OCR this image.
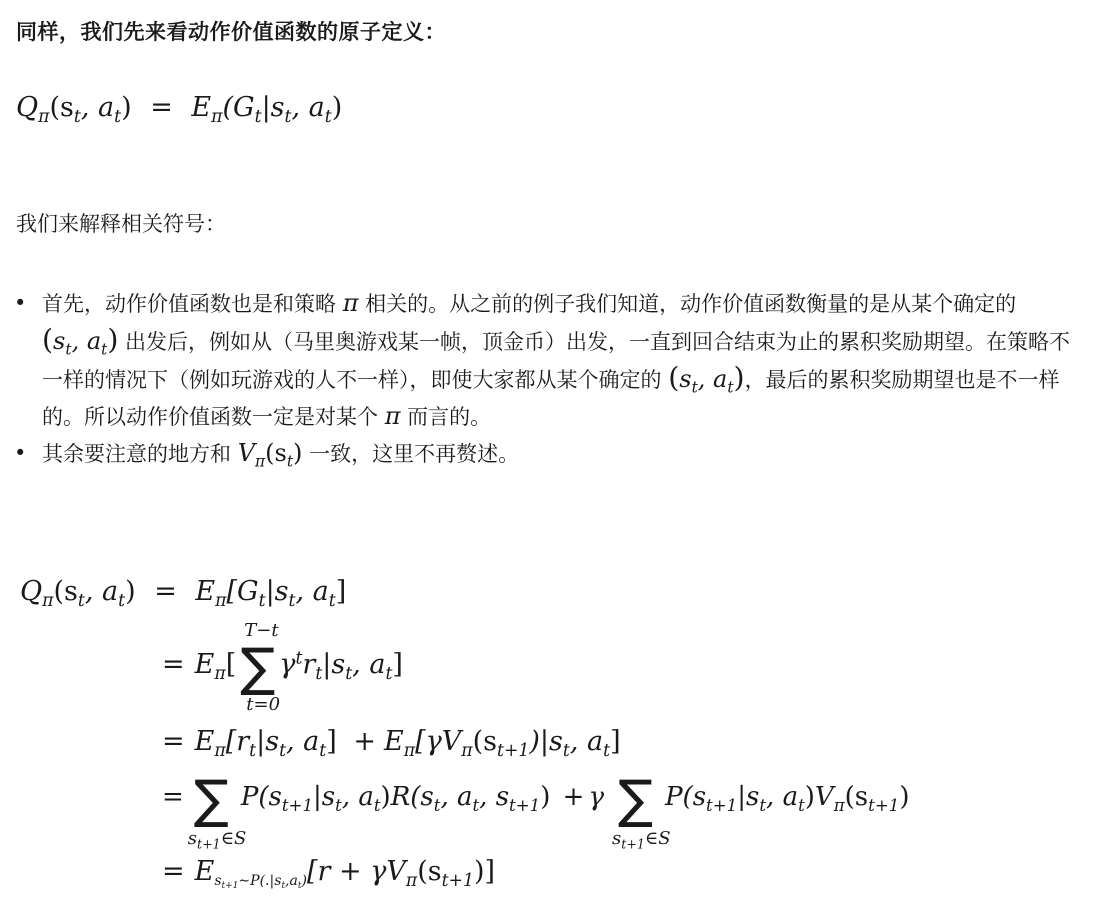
同样，我们先来看动作价值函数的原子定义：
$Q_\pi(s_t$, $a_t) = E_\pi(G_t|s_t$, $a_t$)
我们来解释相关符号：
• 首先，动作价值函数也是和策略 π 相关的。从之前的例子我们知道，动作价值函数衡量的是从某个确定的 ($s_t$, $a_t$) 出发后，例如从（马里奥游戏某一帧，顶金币）出发，一直到回合结束为止的累积奖励期望。在策略不一样的情况下（例如玩游戏的人不一样），即使大家都从某个确定的 ($s_t$, $a_t$)，最后的累积奖励期望也是不一样的。所以动作价值函数一定是对某个 π 而言的。
• 其余要注意的地方和 $V_\pi(s_t)$ 一致，这里不再赘述。
$Q_\pi(s_t$, $a_t) = E_\pi[G_t|s_t$, $a_t$]
= $E_\pi[\sum$
T−t
t=0
$\gamma^tr_t|s_t$, $a_t$]
= $E_\pi[r_t|s_t$, $a_t] + E_\pi[\gamma V_\pi(s_{t+1})|s_t$, $a_t$]
= ∑
$s_{t+1}\in S$
$P(s_{t+1}|s_t$, $a_t)R(s_t$, $a_t$, $s_{t+1}) + \gamma$ ∑
$s_{t+1}\in S$
$P(s_{t+1}|s_t$, $a_t)V_\pi(s_{t+1})$
= $E_{s_{t+1}\sim P(.|s_t,a_t)}[r + \gamma V_\pi(s_{t+1})]$
